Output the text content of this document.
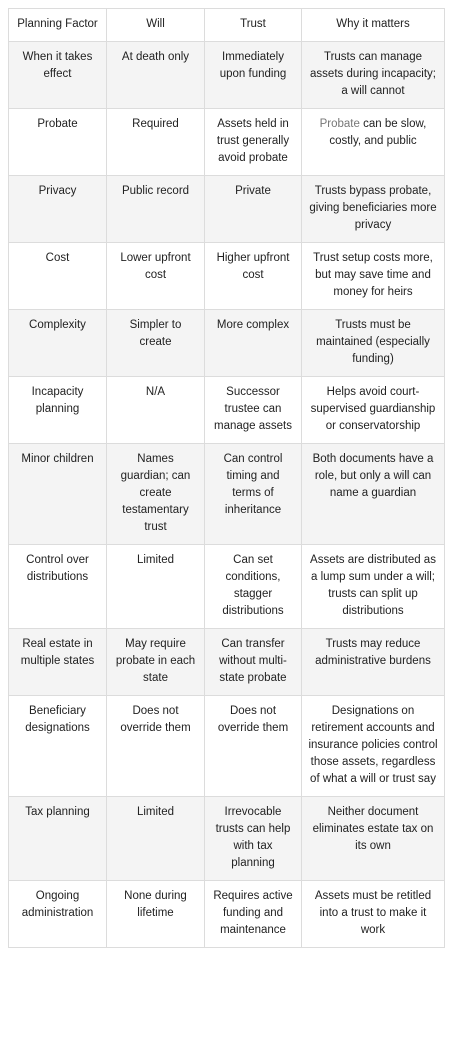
Planning Factor	Will	Trust	Why it matters
When it takes effect	At death only	Immediately upon funding	Trusts can manage assets during incapacity; a will cannot
Probate	Required	Assets held in trust generally avoid probate	Probate can be slow, costly, and public
Privacy	Public record	Private	Trusts bypass probate, giving beneficiaries more privacy
Cost	Lower upfront cost	Higher upfront cost	Trust setup costs more, but may save time and money for heirs
Complexity	Simpler to create	More complex	Trusts must be maintained (especially funding)
Incapacity planning	N/A	Successor trustee can manage assets	Helps avoid court-supervised guardianship or conservatorship
Minor children	Names guardian; can create testamentary trust	Can control timing and terms of inheritance	Both documents have a role, but only a will can name a guardian
Control over distributions	Limited	Can set conditions, stagger distributions	Assets are distributed as a lump sum under a will; trusts can split up distributions
Real estate in multiple states	May require probate in each state	Can transfer without multi-state probate	Trusts may reduce administrative burdens
Beneficiary designations	Does not override them	Does not override them	Designations on retirement accounts and insurance policies control those assets, regardless of what a will or trust say
Tax planning	Limited	Irrevocable trusts can help with tax planning	Neither document eliminates estate tax on its own
Ongoing administration	None during lifetime	Requires active funding and maintenance	Assets must be retitled into a trust to make it work
